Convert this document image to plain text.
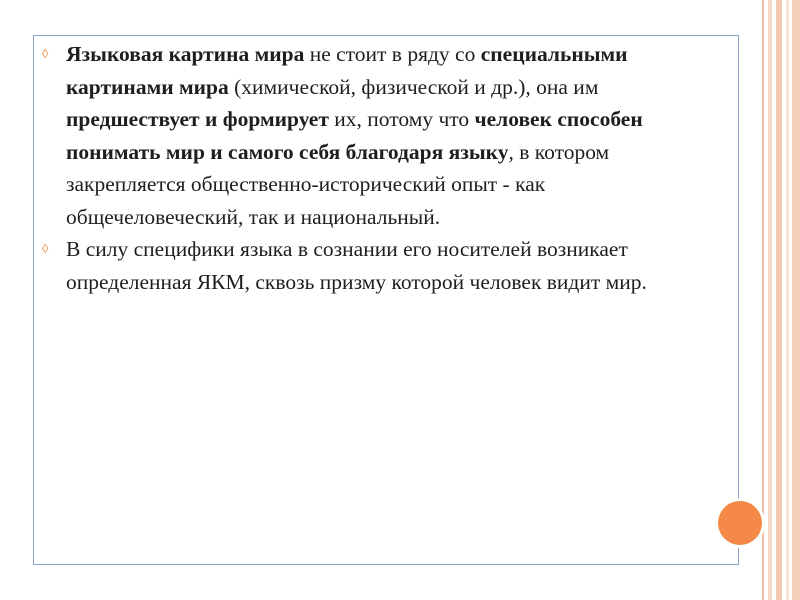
◊ Языковая картина мира не стоит в ряду со специальными картинами мира (химической, физической и др.), она им предшествует и формирует их, потому что человек способен понимать мир и самого себя благодаря языку, в котором закрепляется общественно-исторический опыт - как общечеловеческий, так и национальный.
◊ В силу специфики языка в сознании его носителей возникает определенная ЯКМ, сквозь призму которой человек видит мир.
